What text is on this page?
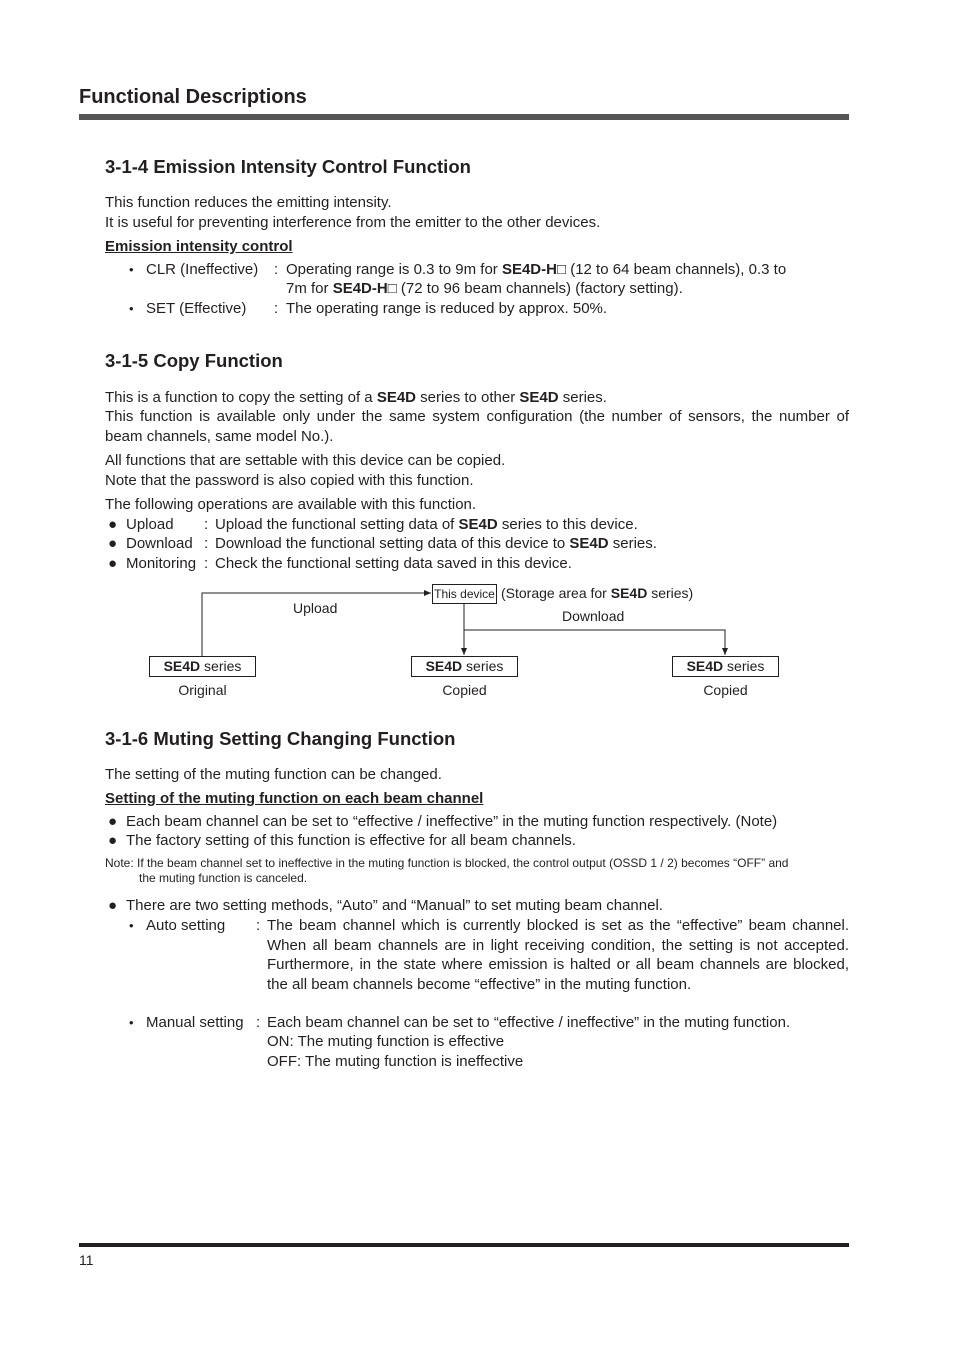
Functional Descriptions
3-1-4 Emission Intensity Control Function
This function reduces the emitting intensity.
It is useful for preventing interference from the emitter to the other devices.
Emission intensity control
• CLR (Ineffective) : Operating range is 0.3 to 9m for SE4D-H□ (12 to 64 beam channels), 0.3 to
7m for SE4D-H□ (72 to 96 beam channels) (factory setting).
• SET (Effective) : The operating range is reduced by approx. 50%.
3-1-5 Copy Function
This is a function to copy the setting of a SE4D series to other SE4D series.
This function is available only under the same system configuration (the number of sensors, the number of beam channels, same model No.).
All functions that are settable with this device can be copied.
Note that the password is also copied with this function.
The following operations are available with this function.
● Upload : Upload the functional setting data of SE4D series to this device.
● Download : Download the functional setting data of this device to SE4D series.
● Monitoring : Check the functional setting data saved in this device.
This device (Storage area for SE4D series)
Upload	Download
SE4D series
Original
SE4D series
Copied
SE4D series
Copied
3-1-6 Muting Setting Changing Function
The setting of the muting function can be changed.
Setting of the muting function on each beam channel
● Each beam channel can be set to “effective / ineffective” in the muting function respectively. (Note)
● The factory setting of this function is effective for all beam channels.
Note: If the beam channel set to ineffective in the muting function is blocked, the control output (OSSD 1 / 2) becomes “OFF” and
the muting function is canceled.
● There are two setting methods, “Auto” and “Manual” to set muting beam channel.
• Auto setting : The beam channel which is currently blocked is set as the “effective” beam channel. When all beam channels are in light receiving condition, the setting is not accepted. Furthermore, in the state where emission is halted or all beam channels are blocked, the all beam channels become “effective” in the muting function.
• Manual setting : Each beam channel can be set to “effective / ineffective” in the muting function.
ON: The muting function is effective
OFF: The muting function is ineffective
11
